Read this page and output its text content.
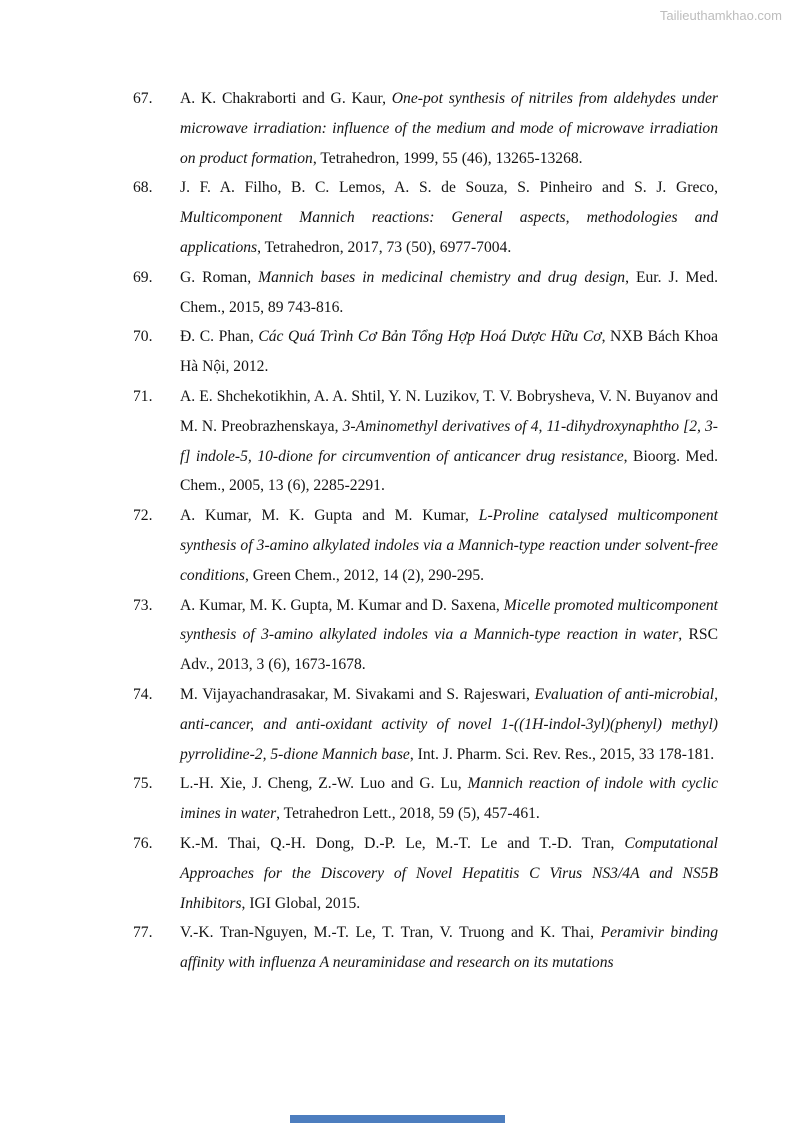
Tailieuthamkhao.com
67. A. K. Chakraborti and G. Kaur, One-pot synthesis of nitriles from aldehydes under microwave irradiation: influence of the medium and mode of microwave irradiation on product formation, Tetrahedron, 1999, 55 (46), 13265-13268.
68. J. F. A. Filho, B. C. Lemos, A. S. de Souza, S. Pinheiro and S. J. Greco, Multicomponent Mannich reactions: General aspects, methodologies and applications, Tetrahedron, 2017, 73 (50), 6977-7004.
69. G. Roman, Mannich bases in medicinal chemistry and drug design, Eur. J. Med. Chem., 2015, 89 743-816.
70. Đ. C. Phan, Các Quá Trình Cơ Bản Tổng Hợp Hoá Dược Hữu Cơ, NXB Bách Khoa Hà Nội, 2012.
71. A. E. Shchekotikhin, A. A. Shtil, Y. N. Luzikov, T. V. Bobrysheva, V. N. Buyanov and M. N. Preobrazhenskaya, 3-Aminomethyl derivatives of 4, 11-dihydroxynaphtho [2, 3-f] indole-5, 10-dione for circumvention of anticancer drug resistance, Bioorg. Med. Chem., 2005, 13 (6), 2285-2291.
72. A. Kumar, M. K. Gupta and M. Kumar, L-Proline catalysed multicomponent synthesis of 3-amino alkylated indoles via a Mannich-type reaction under solvent-free conditions, Green Chem., 2012, 14 (2), 290-295.
73. A. Kumar, M. K. Gupta, M. Kumar and D. Saxena, Micelle promoted multicomponent synthesis of 3-amino alkylated indoles via a Mannich-type reaction in water, RSC Adv., 2013, 3 (6), 1673-1678.
74. M. Vijayachandrasakar, M. Sivakami and S. Rajeswari, Evaluation of anti-microbial, anti-cancer, and anti-oxidant activity of novel 1-((1H-indol-3yl)(phenyl) methyl) pyrrolidine-2, 5-dione Mannich base, Int. J. Pharm. Sci. Rev. Res., 2015, 33 178-181.
75. L.-H. Xie, J. Cheng, Z.-W. Luo and G. Lu, Mannich reaction of indole with cyclic imines in water, Tetrahedron Lett., 2018, 59 (5), 457-461.
76. K.-M. Thai, Q.-H. Dong, D.-P. Le, M.-T. Le and T.-D. Tran, Computational Approaches for the Discovery of Novel Hepatitis C Virus NS3/4A and NS5B Inhibitors, IGI Global, 2015.
77. V.-K. Tran-Nguyen, M.-T. Le, T. Tran, V. Truong and K. Thai, Peramivir binding affinity with influenza A neuraminidase and research on its mutations
